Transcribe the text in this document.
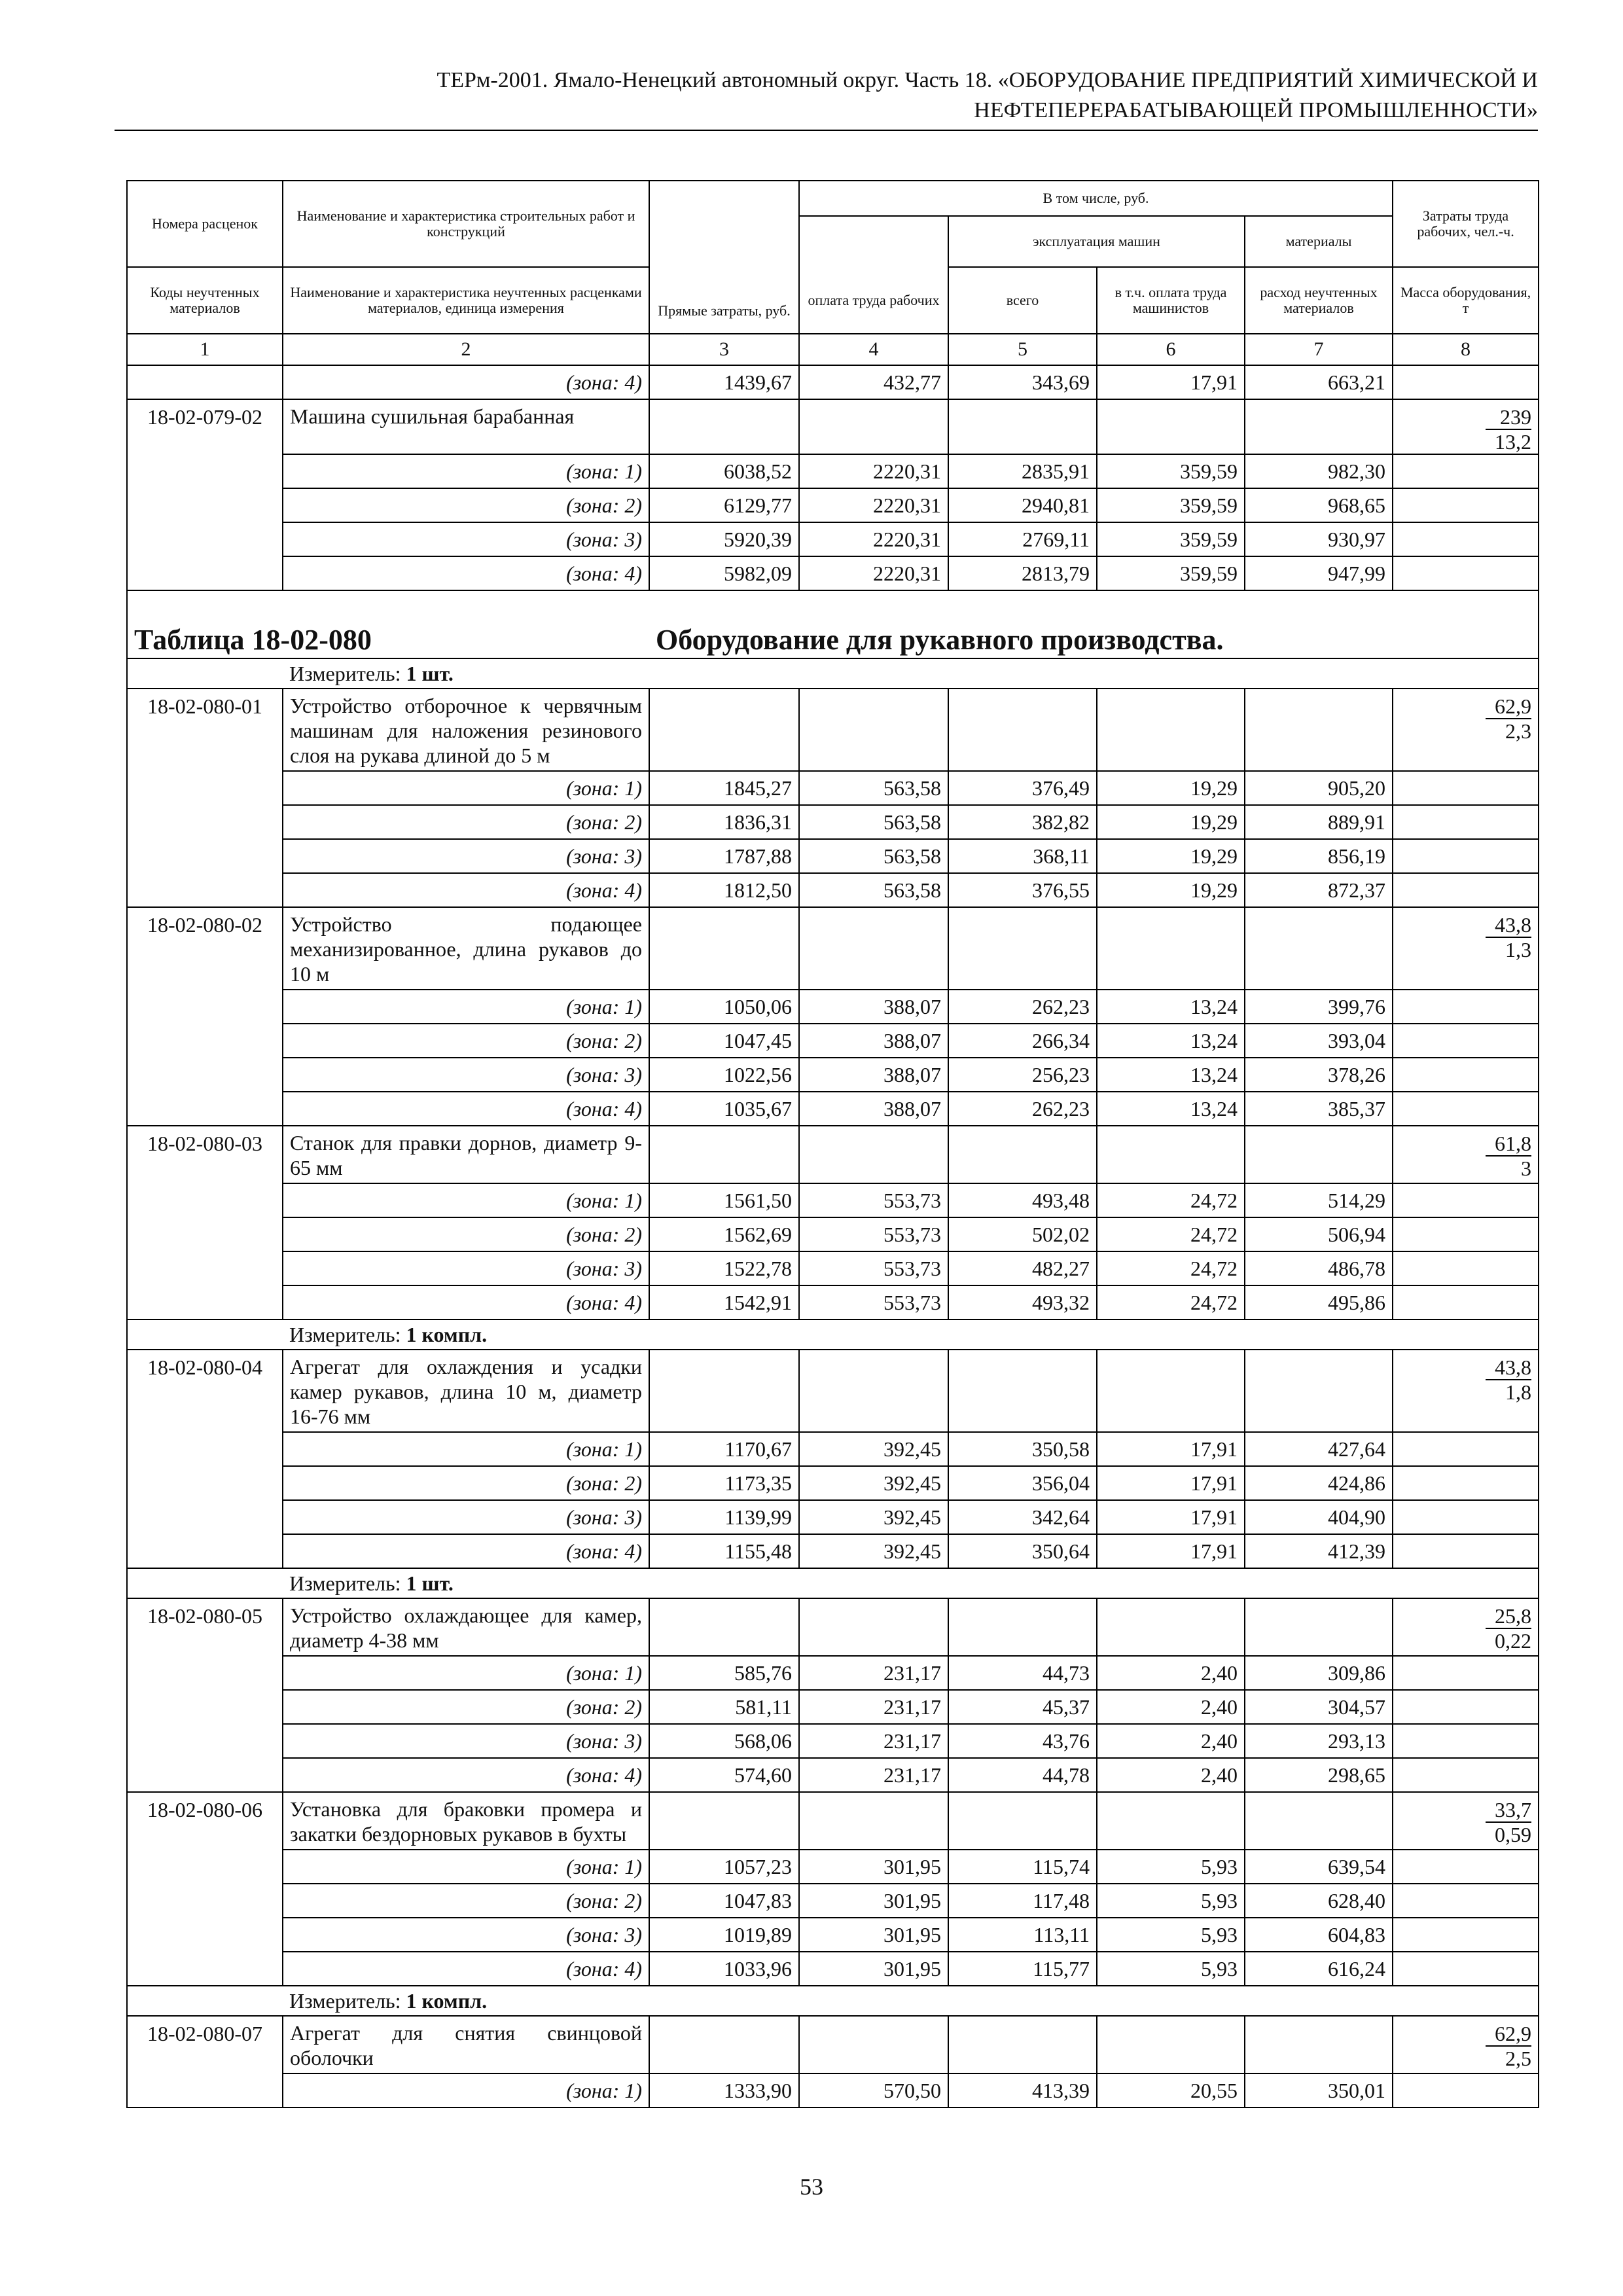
ТЕРм-2001. Ямало-Ненецкий автономный округ. Часть 18. «ОБОРУДОВАНИЕ ПРЕДПРИЯТИЙ ХИМИЧЕСКОЙ И
НЕФТЕПЕРЕРАБАТЫВАЮЩЕЙ ПРОМЫШЛЕННОСТИ»
Номера расценок	Наименование и характеристика строительных работ и конструкций	Прямые затраты, руб.	В том числе, руб.				Затраты труда рабочих, чел.-ч.
				эксплуатация машин		материалы	
Коды неучтенных материалов	Наименование и характеристика неучтенных расценками материалов, единица измерения		оплата труда рабочих	всего	в т.ч. оплата труда машинистов	расход неучтенных материалов	Масса оборудования, т
1	2	3	4	5	6	7	8
	(зона: 4)	1439,67	432,77	343,69	17,91	663,21	
18-02-079-02	Машина сушильная барабанная						239
13,2

	(зона: 1)	6038,52	2220,31	2835,91	359,59	982,30	
	(зона: 2)	6129,77	2220,31	2940,81	359,59	968,65	
	(зона: 3)	5920,39	2220,31	2769,11	359,59	930,97	
	(зона: 4)	5982,09	2220,31	2813,79	359,59	947,99	
Таблица 18-02-080		Оборудование для рукавного производства.					
	Измеритель: 1 шт.						
18-02-080-01	Устройство отборочное к червячным машинам для наложения резинового слоя на рукава длиной до 5 м						62,9
2,3

	(зона: 1)	1845,27	563,58	376,49	19,29	905,20	
	(зона: 2)	1836,31	563,58	382,82	19,29	889,91	
	(зона: 3)	1787,88	563,58	368,11	19,29	856,19	
	(зона: 4)	1812,50	563,58	376,55	19,29	872,37	
18-02-080-02	Устройство подающее механизированное, длина рукавов до 10 м						43,8
1,3

	(зона: 1)	1050,06	388,07	262,23	13,24	399,76	
	(зона: 2)	1047,45	388,07	266,34	13,24	393,04	
	(зона: 3)	1022,56	388,07	256,23	13,24	378,26	
	(зона: 4)	1035,67	388,07	262,23	13,24	385,37	
18-02-080-03	Станок для правки дорнов, диаметр 9-65 мм						61,8
3

	(зона: 1)	1561,50	553,73	493,48	24,72	514,29	
	(зона: 2)	1562,69	553,73	502,02	24,72	506,94	
	(зона: 3)	1522,78	553,73	482,27	24,72	486,78	
	(зона: 4)	1542,91	553,73	493,32	24,72	495,86	
	Измеритель: 1 компл.						
18-02-080-04	Агрегат для охлаждения и усадки камер рукавов, длина 10 м, диаметр 16-76 мм						43,8
1,8

	(зона: 1)	1170,67	392,45	350,58	17,91	427,64	
	(зона: 2)	1173,35	392,45	356,04	17,91	424,86	
	(зона: 3)	1139,99	392,45	342,64	17,91	404,90	
	(зона: 4)	1155,48	392,45	350,64	17,91	412,39	
	Измеритель: 1 шт.						
18-02-080-05	Устройство охлаждающее для камер, диаметр 4-38 мм						25,8
0,22

	(зона: 1)	585,76	231,17	44,73	2,40	309,86	
	(зона: 2)	581,11	231,17	45,37	2,40	304,57	
	(зона: 3)	568,06	231,17	43,76	2,40	293,13	
	(зона: 4)	574,60	231,17	44,78	2,40	298,65	
18-02-080-06	Установка для браковки промера и закатки бездорновых рукавов в бухты						33,7
0,59

	(зона: 1)	1057,23	301,95	115,74	5,93	639,54	
	(зона: 2)	1047,83	301,95	117,48	5,93	628,40	
	(зона: 3)	1019,89	301,95	113,11	5,93	604,83	
	(зона: 4)	1033,96	301,95	115,77	5,93	616,24	
	Измеритель: 1 компл.						
18-02-080-07	Агрегат для снятия свинцовой оболочки						62,9
2,5

	(зона: 1)	1333,90	570,50	413,39	20,55	350,01	
53
